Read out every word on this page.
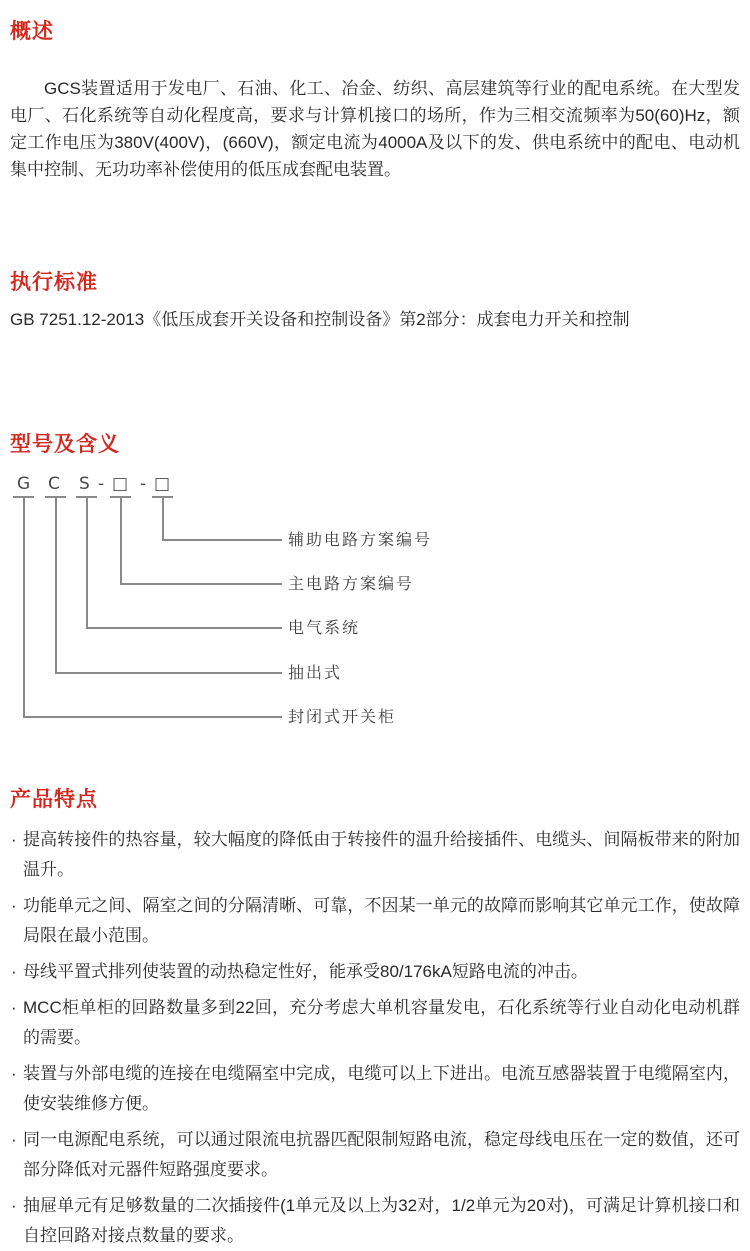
概述

GCS装置适用于发电厂、石油、化工、冶金、纺织、高层建筑等行业的配电系统。在大型发电厂、石化系统等自动化程度高，要求与计算机接口的场所，作为三相交流频率为50(60)Hz，额定工作电压为380V(400V)，(660V)，额定电流为4000A及以下的发、供电系统中的配电、电动机集中控制、无功功率补偿使用的低压成套配电装置。

执行标准

GB 7251.12-2013《低压成套开关设备和控制设备》第2部分：成套电力开关和控制

型号及含义
G C S - □ - □
辅助电路方案编号
主电路方案编号
电气系统
抽出式
封闭式开关柜
产品特点
· 提高转接件的热容量，较大幅度的降低由于转接件的温升给接插件、电缆头、间隔板带来的附加温升。
· 功能单元之间、隔室之间的分隔清晰、可靠，不因某一单元的故障而影响其它单元工作，使故障局限在最小范围。
· 母线平置式排列使装置的动热稳定性好，能承受80/176kA短路电流的冲击。
· MCC柜单柜的回路数量多到22回，充分考虑大单机容量发电，石化系统等行业自动化电动机群的需要。
· 装置与外部电缆的连接在电缆隔室中完成，电缆可以上下进出。电流互感器装置于电缆隔室内，使安装维修方便。
· 同一电源配电系统，可以通过限流电抗器匹配限制短路电流，稳定母线电压在一定的数值，还可部分降低对元器件短路强度要求。
· 抽屉单元有足够数量的二次插接件(1单元及以上为32对，1/2单元为20对)，可满足计算机接口和自控回路对接点数量的要求。
